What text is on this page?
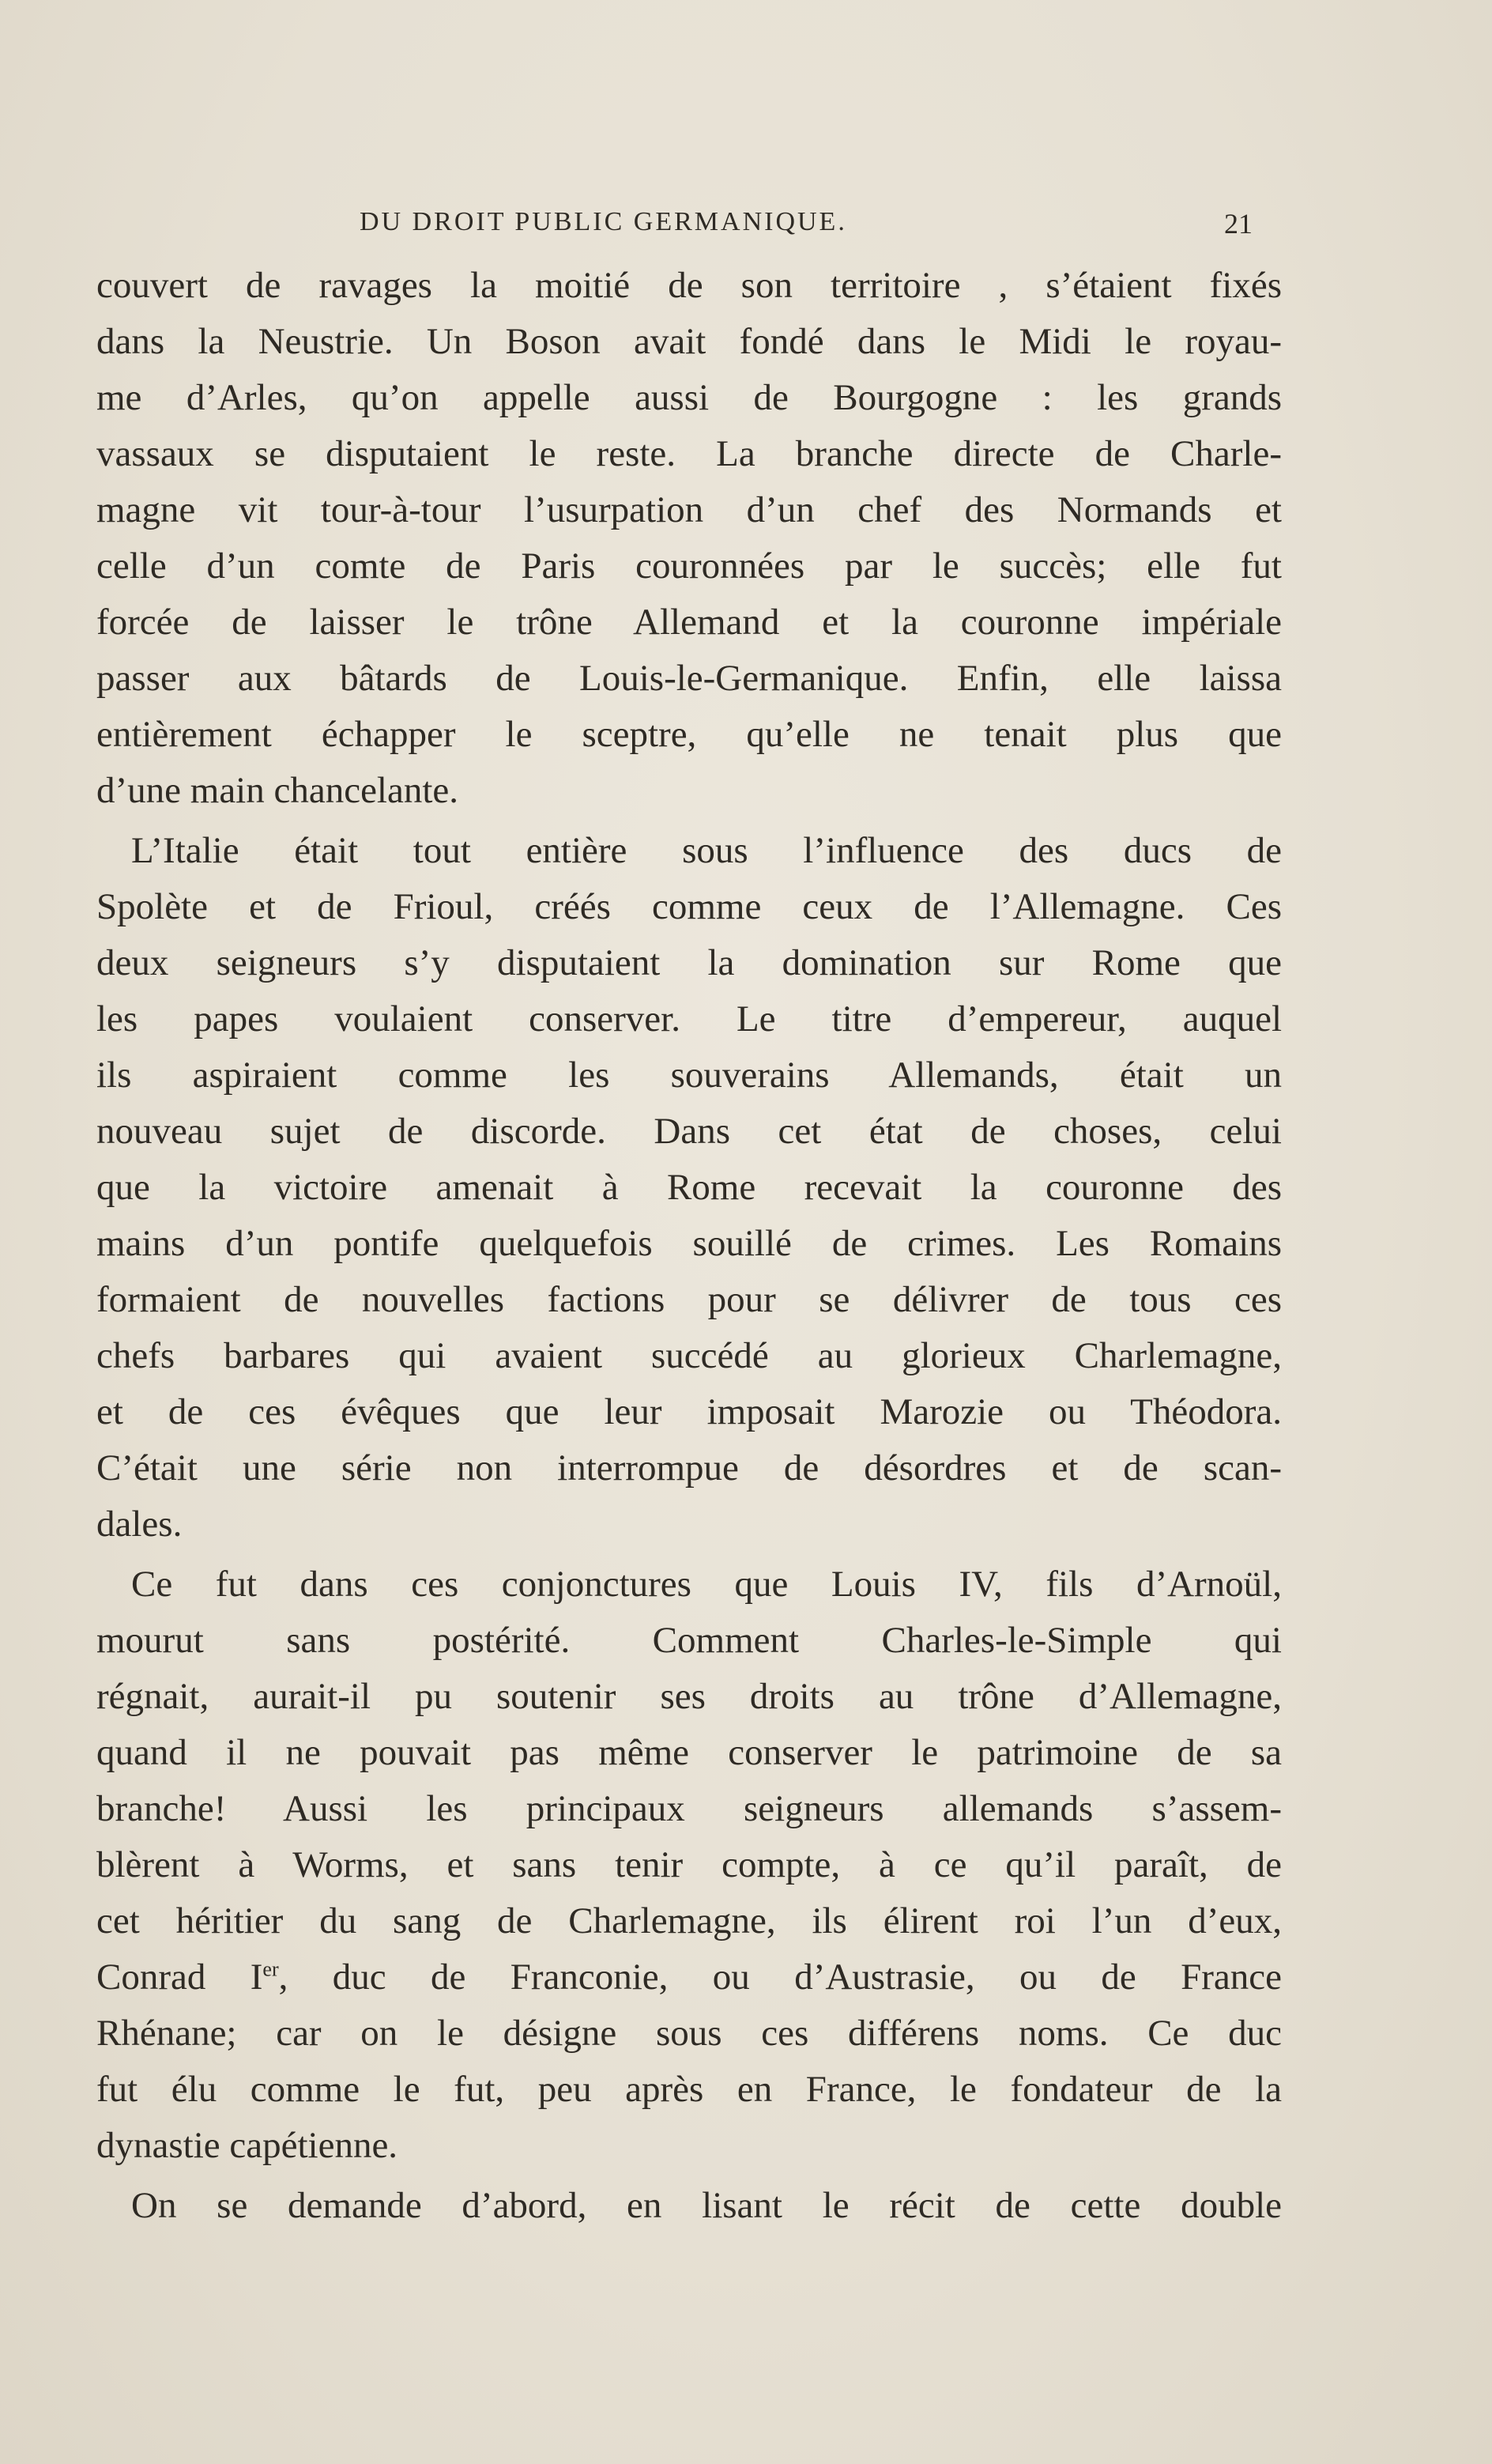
DU DROIT PUBLIC GERMANIQUE.	21
couvert de ravages la moitié de son territoire , s’étaient fixés
dans la Neustrie. Un Boson avait fondé dans le Midi le royau-
me d’Arles, qu’on appelle aussi de Bourgogne : les grands
vassaux se disputaient le reste. La branche directe de Charle-
magne vit tour-à-tour l’usurpation d’un chef des Normands et
celle d’un comte de Paris couronnées par le succès; elle fut
forcée de laisser le trône Allemand et la couronne impériale
passer aux bâtards de Louis-le-Germanique. Enfin, elle laissa
entièrement échapper le sceptre, qu’elle ne tenait plus que
d’une main chancelante.
L’Italie était tout entière sous l’influence des ducs de
Spolète et de Frioul, créés comme ceux de l’Allemagne. Ces
deux seigneurs s’y disputaient la domination sur Rome que
les papes voulaient conserver. Le titre d’empereur, auquel
ils aspiraient comme les souverains Allemands, était un
nouveau sujet de discorde. Dans cet état de choses, celui
que la victoire amenait à Rome recevait la couronne des
mains d’un pontife quelquefois souillé de crimes. Les Romains
formaient de nouvelles factions pour se délivrer de tous ces
chefs barbares qui avaient succédé au glorieux Charlemagne,
et de ces évêques que leur imposait Marozie ou Théodora.
C’était une série non interrompue de désordres et de scan-
dales.
Ce fut dans ces conjonctures que Louis IV, fils d’Arnoül,
mourut sans postérité. Comment Charles-le-Simple qui
régnait, aurait-il pu soutenir ses droits au trône d’Allemagne,
quand il ne pouvait pas même conserver le patrimoine de sa
branche! Aussi les principaux seigneurs allemands s’assem-
blèrent à Worms, et sans tenir compte, à ce qu’il paraît, de
cet héritier du sang de Charlemagne, ils élirent roi l’un d’eux,
Conrad Ier, duc de Franconie, ou d’Austrasie, ou de France
Rhénane; car on le désigne sous ces différens noms. Ce duc
fut élu comme le fut, peu après en France, le fondateur de la
dynastie capétienne.
On se demande d’abord, en lisant le récit de cette double
